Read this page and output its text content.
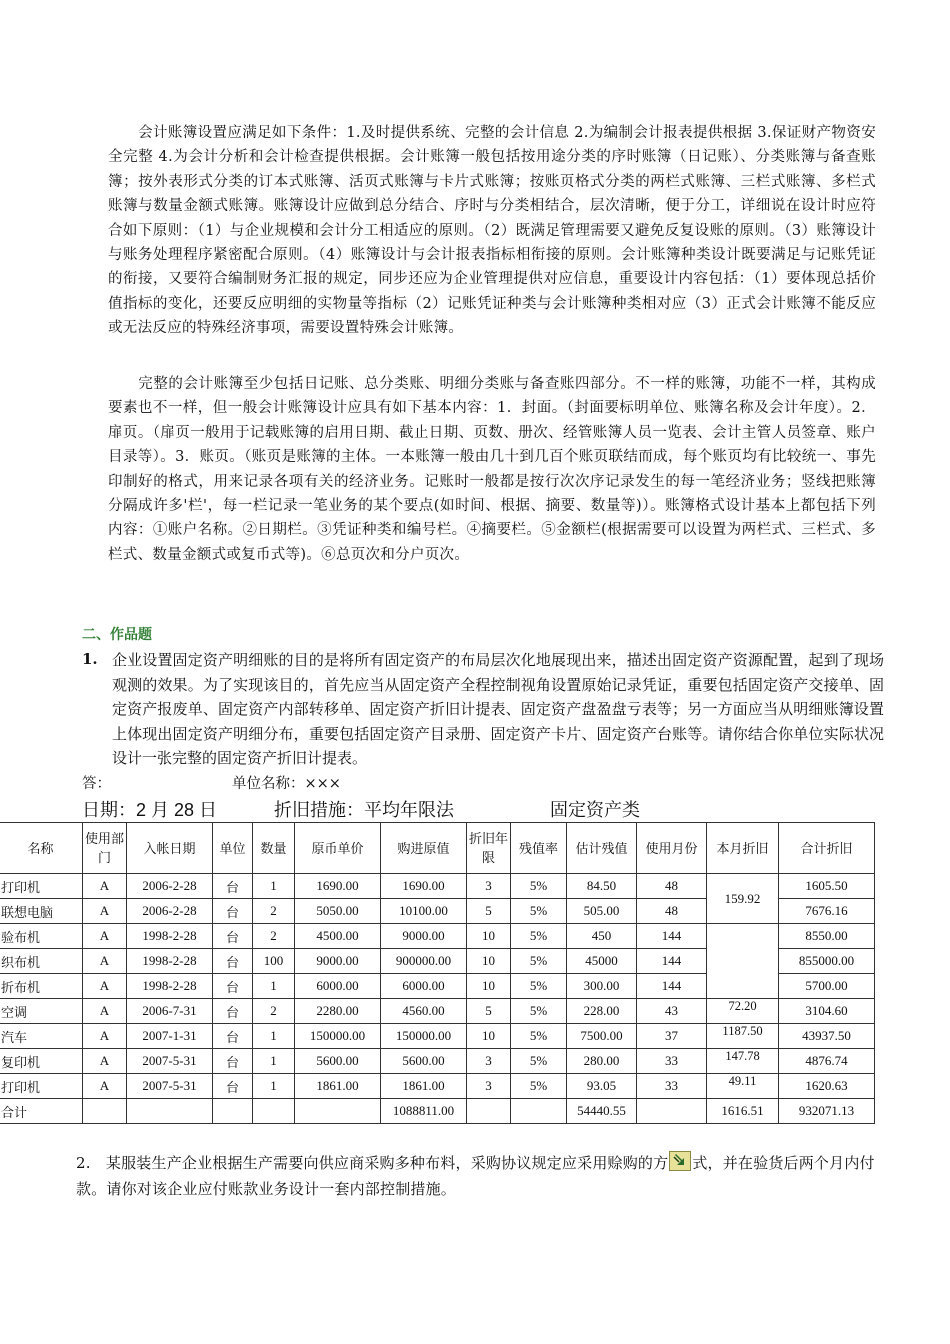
会计账簿设置应满足如下条件：1.及时提供系统、完整的会计信息 2.为编制会计报表提供根据 3.保证财产物资安全完整 4.为会计分析和会计检查提供根据。会计账簿一般包括按用途分类的序时账簿（日记账）、分类账簿与备查账簿；按外表形式分类的订本式账簿、活页式账簿与卡片式账簿；按账页格式分类的两栏式账簿、三栏式账簿、多栏式账簿与数量金额式账簿。账簿设计应做到总分结合、序时与分类相结合，层次清晰，便于分工，详细说在设计时应符合如下原则：（1）与企业规模和会计分工相适应的原则。（2）既满足管理需要又避免反复设账的原则。（3）账簿设计与账务处理程序紧密配合原则。（4）账簿设计与会计报表指标相衔接的原则。会计账簿种类设计既要满足与记账凭证的衔接，又要符合编制财务汇报的规定，同步还应为企业管理提供对应信息，重要设计内容包括：（1）要体现总括价值指标的变化，还要反应明细的实物量等指标（2）记账凭证种类与会计账簿种类相对应（3）正式会计账簿不能反应或无法反应的特殊经济事项，需要设置特殊会计账簿。
完整的会计账簿至少包括日记账、总分类账、明细分类账与备查账四部分。不一样的账簿，功能不一样，其构成要素也不一样，但一般会计账簿设计应具有如下基本内容：1．封面。（封面要标明单位、账簿名称及会计年度）。2．扉页。（扉页一般用于记载账簿的启用日期、截止日期、页数、册次、经管账簿人员一览表、会计主管人员签章、账户目录等）。3．账页。（账页是账簿的主体。一本账簿一般由几十到几百个账页联结而成，每个账页均有比较统一、事先印制好的格式，用来记录各项有关的经济业务。记账时一般都是按行次次序记录发生的每一笔经济业务；竖线把账簿分隔成许多'栏'，每一栏记录一笔业务的某个要点(如时间、根据、摘要、数量等)）。账簿格式设计基本上都包括下列内容：①账户名称。②日期栏。③凭证种类和编号栏。④摘要栏。⑤金额栏(根据需要可以设置为两栏式、三栏式、多栏式、数量金额式或复币式等)。⑥总页次和分户页次。
二、作品题
1. 企业设置固定资产明细账的目的是将所有固定资产的布局层次化地展现出来，描述出固定资产资源配置，起到了现场观测的效果。为了实现该目的，首先应当从固定资产全程控制视角设置原始记录凭证，重要包括固定资产交接单、固定资产报废单、固定资产内部转移单、固定资产折旧计提表、固定资产盘盈盘亏表等；另一方面应当从明细账簿设置上体现出固定资产明细分布，重要包括固定资产目录册、固定资产卡片、固定资产台账等。请你结合你单位实际状况设计一张完整的固定资产折旧计提表。
答：	单位名称：×××
日期：2 月 28 日	折旧措施：平均年限法	固定资产类
名称	使用部门	入帐日期	单位	数量	原币单价	购进原值	折旧年限	残值率	估计残值	使用月份	本月折旧	合计折旧
打印机	A	2006-2-28	台	1	1690.00	1690.00	3	5%	84.50	48	159.92	1605.50
联想电脑	A	2006-2-28	台	2	5050.00	10100.00	5	5%	505.00	48		7676.16
验布机	A	1998-2-28	台	2	4500.00	9000.00	10	5%	450	144		8550.00
织布机	A	1998-2-28	台	100	9000.00	900000.00	10	5%	45000	144		855000.00
折布机	A	1998-2-28	台	1	6000.00	6000.00	10	5%	300.00	144		5700.00
空调	A	2006-7-31	台	2	2280.00	4560.00	5	5%	228.00	43	72.20	3104.60
汽车	A	2007-1-31	台	1	150000.00	150000.00	10	5%	7500.00	37	1187.50	43937.50
复印机	A	2007-5-31	台	1	5600.00	5600.00	3	5%	280.00	33	147.78	4876.74
打印机	A	2007-5-31	台	1	1861.00	1861.00	3	5%	93.05	33	49.11	1620.63
合计						1088811.00			54440.55		1616.51	932071.13
2.　某服装生产企业根据生产需要向供应商采购多种布料，采购协议规定应采用赊购的方 式，并在验货后两个月内付款。请你对该企业应付账款业务设计一套内部控制措施。
